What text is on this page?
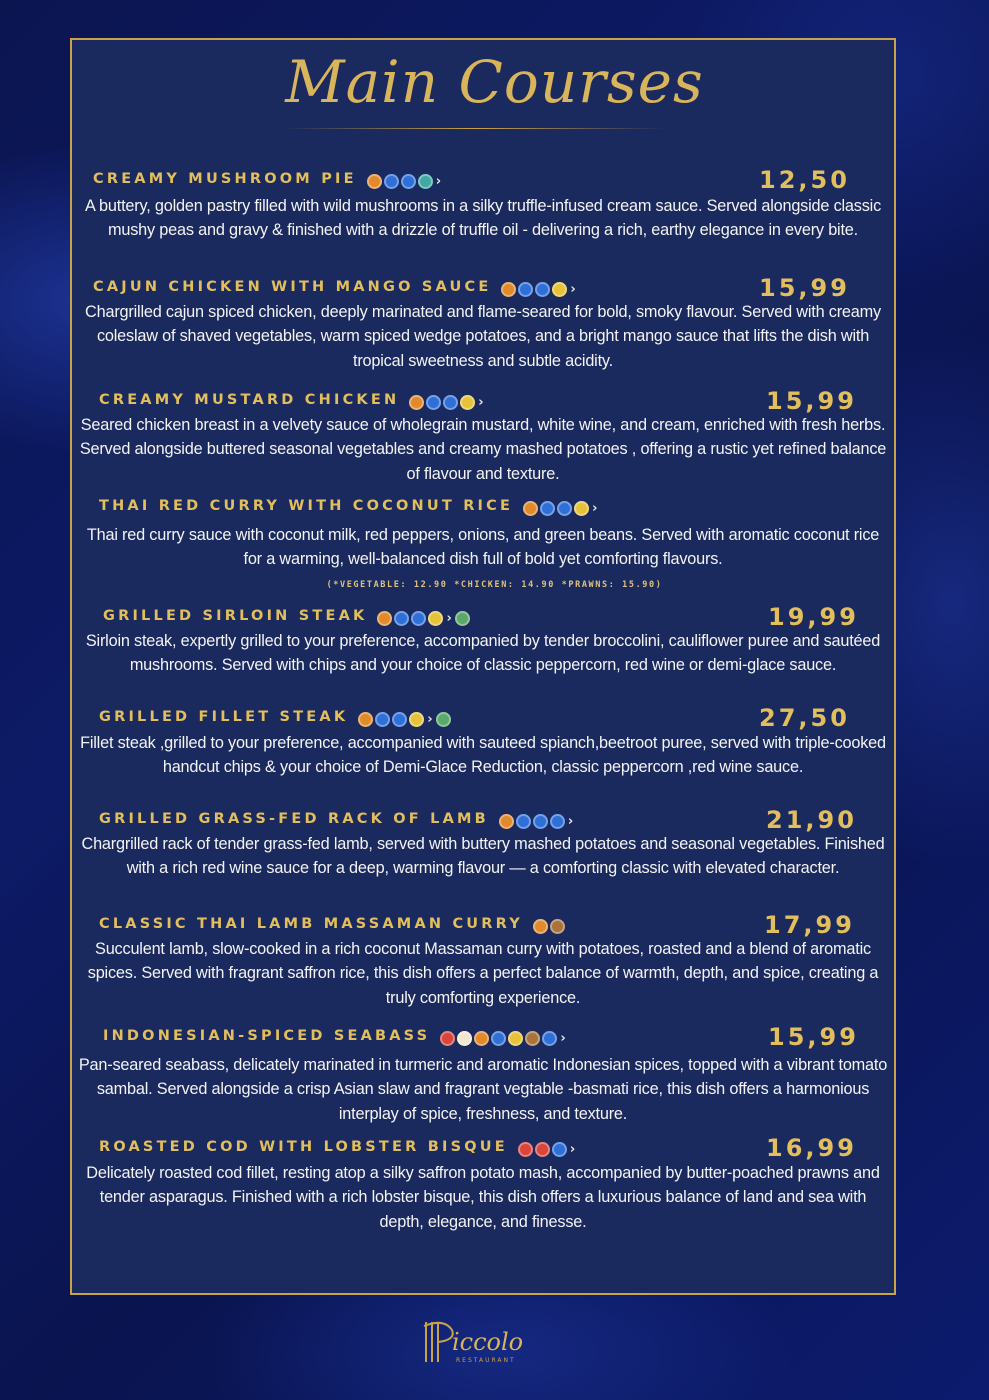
Main Courses
CREAMY MUSHROOM PIE	›	12,50
A buttery, golden pastry filled with wild mushrooms in a silky truffle-infused cream sauce. Served alongside classic mushy peas and gravy & finished with a drizzle of truffle oil - delivering a rich, earthy elegance in every bite.
CAJUN CHICKEN WITH MANGO SAUCE	›	15,99
Chargrilled cajun spiced chicken, deeply marinated and flame-seared for bold, smoky flavour. Served with creamy coleslaw of shaved vegetables, warm spiced wedge potatoes, and a bright mango sauce that lifts the dish with tropical sweetness and subtle acidity.
CREAMY MUSTARD CHICKEN	›	15,99
Seared chicken breast in a velvety sauce of wholegrain mustard, white wine, and cream, enriched with fresh herbs. Served alongside buttered seasonal vegetables and creamy mashed potatoes , offering a rustic yet refined balance of flavour and texture.
THAI RED CURRY WITH COCONUT RICE	›
Thai red curry sauce with coconut milk, red peppers, onions, and green beans. Served with aromatic coconut rice for a warming, well-balanced dish full of bold yet comforting flavours.
(*VEGETABLE: 12.90 *CHICKEN: 14.90 *PRAWNS: 15.90)
GRILLED SIRLOIN STEAK	›	19,99
Sirloin steak, expertly grilled to your preference, accompanied by tender broccolini, cauliflower puree and sautéed mushrooms. Served with chips and your choice of classic peppercorn, red wine or demi-glace sauce.
GRILLED FILLET STEAK	›	27,50
Fillet steak ,grilled to your preference, accompanied with sauteed spianch,beetroot puree, served with triple-cooked handcut chips & your choice of Demi-Glace Reduction, classic peppercorn ,red wine sauce.
GRILLED GRASS-FED RACK OF LAMB	›	21,90
Chargrilled rack of tender grass-fed lamb, served with buttery mashed potatoes and seasonal vegetables. Finished with a rich red wine sauce for a deep, warming flavour — a comforting classic with elevated character.
CLASSIC THAI LAMB MASSAMAN CURRY	17,99
Succulent lamb, slow-cooked in a rich coconut Massaman curry with potatoes, roasted and a blend of aromatic spices. Served with fragrant saffron rice, this dish offers a perfect balance of warmth, depth, and spice, creating a truly comforting experience.
INDONESIAN-SPICED SEABASS	›	15,99
Pan-seared seabass, delicately marinated in turmeric and aromatic Indonesian spices, topped with a vibrant tomato sambal. Served alongside a crisp Asian slaw and fragrant vegtable -basmati rice, this dish offers a harmonious interplay of spice, freshness, and texture.
ROASTED COD WITH LOBSTER BISQUE	›	16,99
Delicately roasted cod fillet, resting atop a silky saffron potato mash, accompanied by butter-poached prawns and tender asparagus. Finished with a rich lobster bisque, this dish offers a luxurious balance of land and sea with depth, elegance, and finesse.
iccolo
RESTAURANT
